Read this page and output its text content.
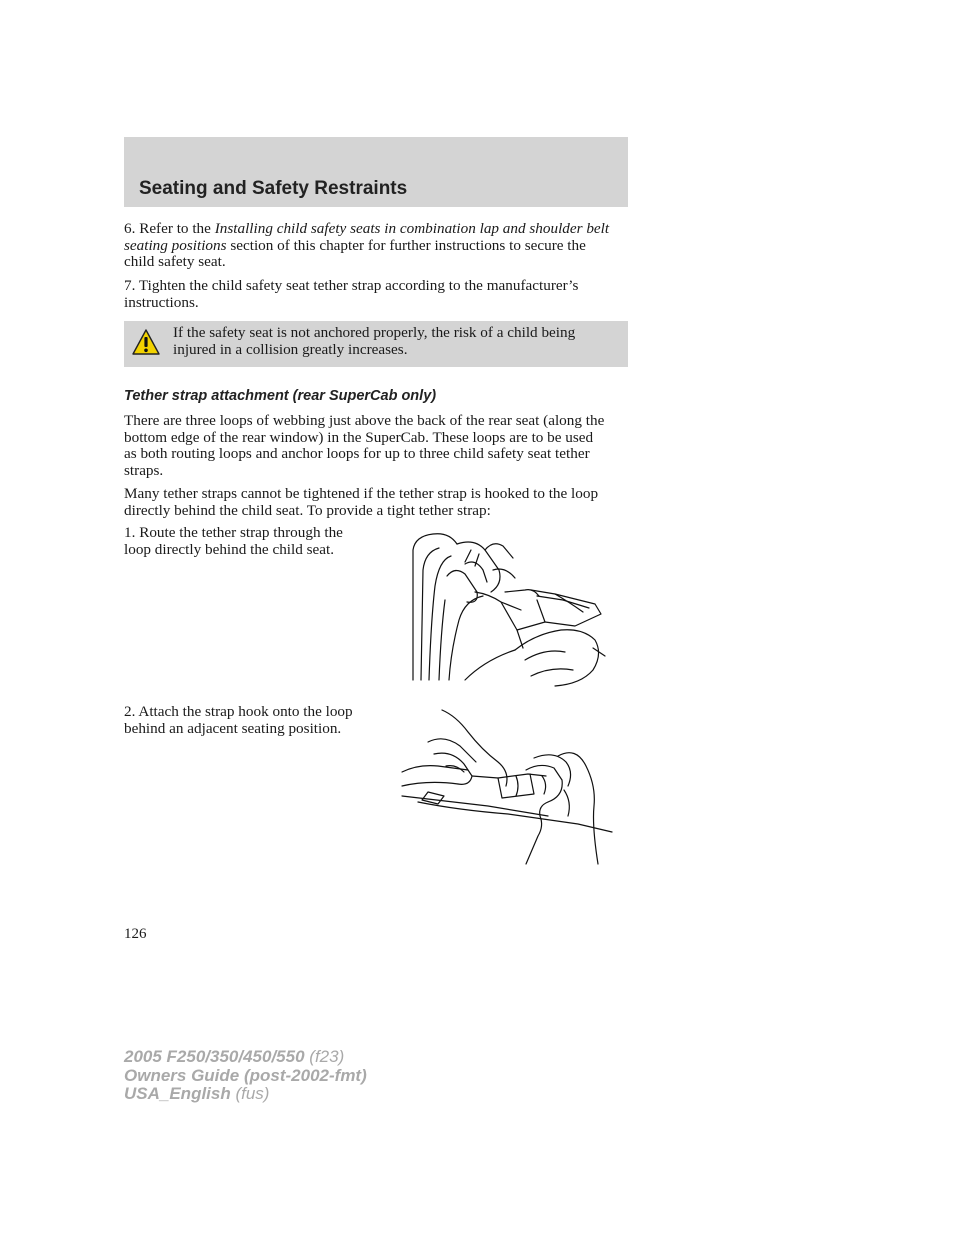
Seating and Safety Restraints
6. Refer to the Installing child safety seats in combination lap and shoulder belt seating positions section of this chapter for further instructions to secure the child safety seat.
7. Tighten the child safety seat tether strap according to the manufacturer’s instructions.
If the safety seat is not anchored properly, the risk of a child being injured in a collision greatly increases.
Tether strap attachment (rear SuperCab only)
There are three loops of webbing just above the back of the rear seat (along the bottom edge of the rear window) in the SuperCab. These loops are to be used as both routing loops and anchor loops for up to three child safety seat tether straps.
Many tether straps cannot be tightened if the tether strap is hooked to the loop directly behind the child seat. To provide a tight tether strap:
1. Route the tether strap through the loop directly behind the child seat.
2. Attach the strap hook onto the loop behind an adjacent seating position.
126
2005 F250/350/450/550 (f23)
Owners Guide (post-2002-fmt)
USA_English (fus)
